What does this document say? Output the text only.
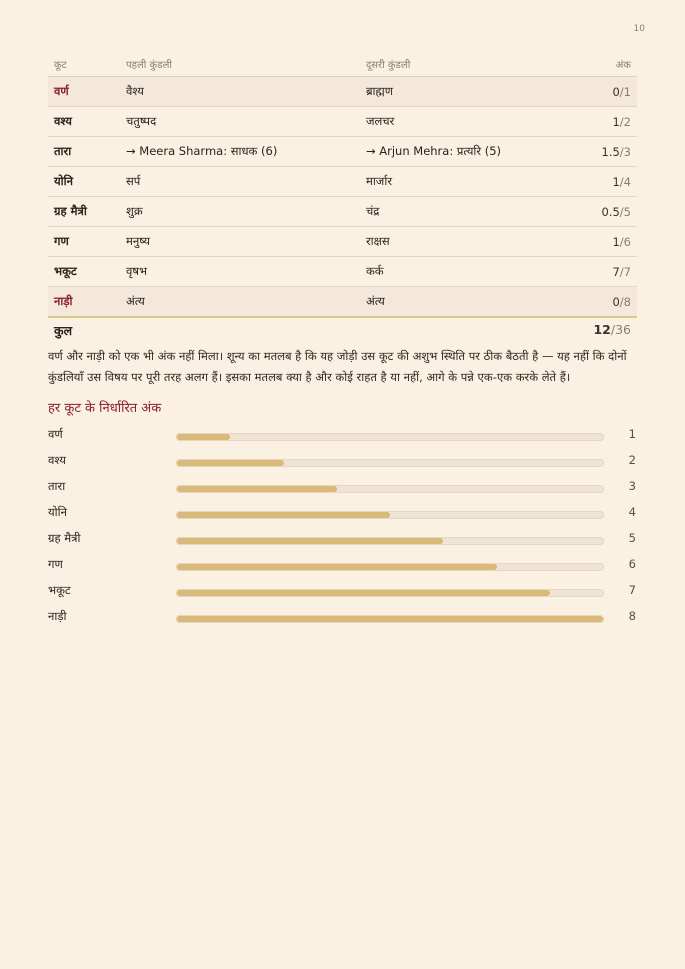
10
कूट	पहली कुंडली	दूसरी कुंडली	अंक
वर्ण	वैश्य	ब्राह्मण	0/1
वश्य	चतुष्पद	जलचर	1/2
तारा	→ Meera Sharma: साधक (6)	→ Arjun Mehra: प्रत्यरि (5)	1.5/3
योनि	सर्प	मार्जार	1/4
ग्रह मैत्री	शुक्र	चंद्र	0.5/5
गण	मनुष्य	राक्षस	1/6
भकूट	वृषभ	कर्क	7/7
नाड़ी	अंत्य	अंत्य	0/8
कुल	12/36

वर्ण और नाड़ी को एक भी अंक नहीं मिला। शून्य का मतलब है कि यह जोड़ी उस कूट की अशुभ स्थिति पर ठीक बैठती है — यह नहीं कि दोनों कुंडलियाँ उस विषय पर पूरी तरह अलग हैं। इसका मतलब क्या है और कोई राहत है या नहीं, आगे के पन्ने एक-एक करके लेते हैं।

हर कूट के निर्धारित अंक
वर्ण	1
वश्य	2
तारा	3
योनि	4
ग्रह मैत्री	5
गण	6
भकूट	7
नाड़ी	8
